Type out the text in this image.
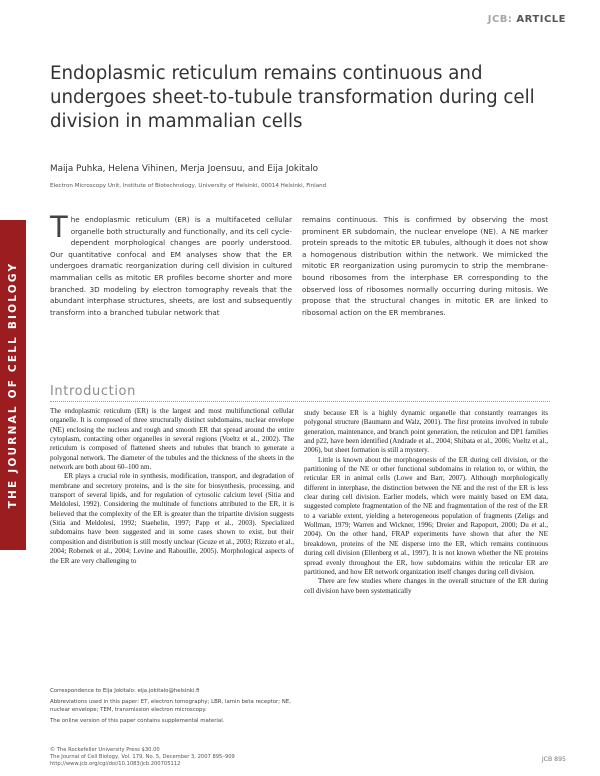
THE JOURNAL OF CELL BIOLOGY
JCB: ARTICLE
Endoplasmic reticulum remains continuous and undergoes sheet-to-tubule transformation during cell division in mammalian cells
Maija Puhka, Helena Vihinen, Merja Joensuu, and Eija Jokitalo
Electron Microscopy Unit, Institute of Biotechnology, University of Helsinki, 00014 Helsinki, Finland

The endoplasmic reticulum (ER) is a multifaceted cellular organelle both structurally and functionally, and its cell cycle-dependent morphological changes are poorly understood. Our quantitative confocal and EM analyses show that the ER undergoes dramatic reorganization during cell division in cultured mammalian cells as mitotic ER profiles become shorter and more branched. 3D modeling by electron tomography reveals that the abundant interphase structures, sheets, are lost and subsequently transform into a branched tubular network that

remains continuous. This is confirmed by observing the most prominent ER subdomain, the nuclear envelope (NE). A NE marker protein spreads to the mitotic ER tubules, although it does not show a homogenous distribution within the network. We mimicked the mitotic ER reorganization using puromycin to strip the membrane-bound ribosomes from the interphase ER corresponding to the observed loss of ribosomes normally occurring during mitosis. We propose that the structural changes in mitotic ER are linked to ribosomal action on the ER membranes.

Introduction

The endoplasmic reticulum (ER) is the largest and most multifunctional cellular organelle. It is composed of three structurally distinct subdomains, nuclear envelope (NE) enclosing the nucleus and rough and smooth ER that spread around the entire cytoplasm, contacting other organelles in several regions (Voeltz et al., 2002). The reticulum is composed of flattened sheets and tubules that branch to generate a polygonal network. The diameter of the tubules and the thickness of the sheets in the network are both about 60–100 nm.

ER plays a crucial role in synthesis, modification, transport, and degradation of membrane and secretory proteins, and is the site for biosynthesis, processing, and transport of several lipids, and for regulation of cytosolic calcium level (Sitia and Meldolesi, 1992). Considering the multitude of functions attributed to the ER, it is believed that the complexity of the ER is greater than the tripartite division suggests (Sitia and Meldolesi, 1992; Staehelin, 1997; Papp et al., 2003). Specialized subdomains have been suggested and in some cases shown to exist, but their composition and distribution is still mostly unclear (Gcuze et al., 2003; Rizzuto et al., 2004; Robenek et al., 2004; Levine and Rabouille, 2005). Morphological aspects of the ER are very challenging to

study because ER is a highly dynamic organelle that constantly rearranges its polygonal structure (Baumann and Walz, 2001). The first proteins involved in tubule generation, maintenance, and branch point generation, the reticulon and DP1 families and p22, have been identified (Andrade et al., 2004; Shibata et al., 2006; Voeltz et al., 2006), but sheet formation is still a mystery.

Little is known about the morphogenesis of the ER during cell division, or the partitioning of the NE or other functional subdomains in relation to, or within, the reticular ER in animal cells (Lowe and Barr, 2007). Although morphologically different in interphase, the distinction between the NE and the rest of the ER is less clear during cell division. Earlier models, which were mainly based on EM data, suggested complete fragmentation of the NE and fragmentation of the rest of the ER to a variable extent, yielding a heterogeneous population of fragments (Zeligs and Wollman, 1979; Warren and Wickner, 1996; Dreier and Rapoport, 2000; Du et al., 2004). On the other hand, FRAP experiments have shown that after the NE breakdown, proteins of the NE disperse into the ER, which remains continuous during cell division (Ellenberg et al., 1997). It is not known whether the NE proteins spread evenly throughout the ER, how subdomains within the reticular ER are partitioned, and how ER network organization itself changes during cell division.

There are few studies where changes in the overall structure of the ER during cell division have been systematically

Correspondence to Eija Jokitalo: eija.jokitalo@helsinki.fi

Abbreviations used in this paper: ET, electron tomography; LBR, lamin beta receptor; NE, nuclear envelope; TEM, transmission electron microscopy.

The online version of this paper contains supplemental material.

© The Rockefeller University Press $30.00
The Journal of Cell Biology, Vol. 179, No. 5, December 3, 2007 895–909
http://www.jcb.org/cgi/doi/10.1083/jcb.200705112
JCB 895
